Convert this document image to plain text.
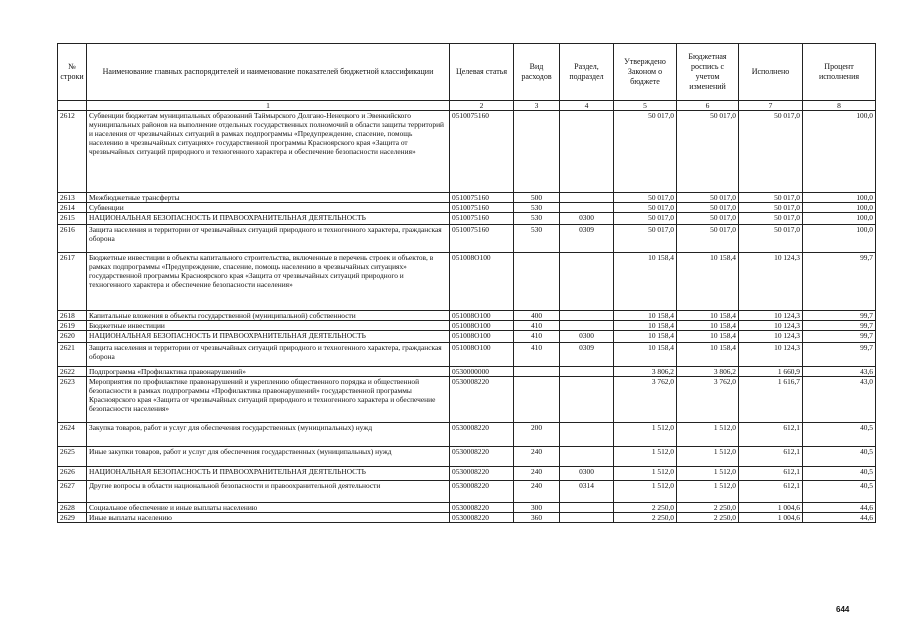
№
строки	Наименование главных распорядителей и наименование показателей бюджетной классификации	Целевая статья	Вид расходов	Раздел, подраздел	Утверждено Законом о бюджете	Бюджетная роспись с учетом изменений	Исполнено	Процент исполнения
	1	2	3	4	5	6	7	8
2612	Субвенции бюджетам муниципальных образований Таймырского Долгано-Ненецкого и Эвенкийского муниципальных районов на выполнение отдельных государственных полномочий в области защиты территорий и населения от чрезвычайных ситуаций в рамках подпрограммы «Предупреждение, спасение, помощь населению в чрезвычайных ситуациях» государственной программы Красноярского края «Защита от чрезвычайных ситуаций природного и техногенного характера и обеспечение безопасности населения»	0510075160			50 017,0	50 017,0	50 017,0	100,0
2613	Межбюджетные трансферты	0510075160	500		50 017,0	50 017,0	50 017,0	100,0
2614	Субвенции	0510075160	530		50 017,0	50 017,0	50 017,0	100,0
2615	НАЦИОНАЛЬНАЯ БЕЗОПАСНОСТЬ И ПРАВООХРАНИТЕЛЬНАЯ ДЕЯТЕЛЬНОСТЬ	0510075160	530	0300	50 017,0	50 017,0	50 017,0	100,0
2616	Защита населения и территории от чрезвычайных ситуаций природного и техногенного характера, гражданская оборона	0510075160	530	0309	50 017,0	50 017,0	50 017,0	100,0
2617	Бюджетные инвестиции в объекты капитального строительства, включенные в перечень строек и объектов, в рамках подпрограммы «Предупреждение, спасение, помощь населению в чрезвычайных ситуациях» государственной программы Красноярского края «Защита от чрезвычайных ситуаций природного и техногенного характера и обеспечение безопасности населения»	051008О100			10 158,4	10 158,4	10 124,3	99,7
2618	Капитальные вложения в объекты государственной (муниципальной) собственности	051008О100	400		10 158,4	10 158,4	10 124,3	99,7
2619	Бюджетные инвестиции	051008О100	410		10 158,4	10 158,4	10 124,3	99,7
2620	НАЦИОНАЛЬНАЯ БЕЗОПАСНОСТЬ И ПРАВООХРАНИТЕЛЬНАЯ ДЕЯТЕЛЬНОСТЬ	051008О100	410	0300	10 158,4	10 158,4	10 124,3	99,7
2621	Защита населения и территории от чрезвычайных ситуаций природного и техногенного характера, гражданская оборона	051008О100	410	0309	10 158,4	10 158,4	10 124,3	99,7
2622	Подпрограмма «Профилактика правонарушений»	0530000000			3 806,2	3 806,2	1 660,9	43,6
2623	Мероприятия по профилактике правонарушений и укреплению общественного порядка и общественной безопасности в рамках подпрограммы «Профилактика правонарушений» государственной программы Красноярского края «Защита от чрезвычайных ситуаций природного и техногенного характера и обеспечение безопасности населения»	0530008220			3 762,0	3 762,0	1 616,7	43,0
2624	Закупка товаров, работ и услуг для обеспечения государственных (муниципальных) нужд	0530008220	200		1 512,0	1 512,0	612,1	40,5
2625	Иные закупки товаров, работ и услуг для обеспечения государственных (муниципальных) нужд	0530008220	240		1 512,0	1 512,0	612,1	40,5
2626	НАЦИОНАЛЬНАЯ БЕЗОПАСНОСТЬ И ПРАВООХРАНИТЕЛЬНАЯ ДЕЯТЕЛЬНОСТЬ	0530008220	240	0300	1 512,0	1 512,0	612,1	40,5
2627	Другие вопросы в области национальной безопасности и правоохранительной деятельности	0530008220	240	0314	1 512,0	1 512,0	612,1	40,5
2628	Социальное обеспечение и иные выплаты населению	0530008220	300		2 250,0	2 250,0	1 004,6	44,6
2629	Иные выплаты населению	0530008220	360		2 250,0	2 250,0	1 004,6	44,6
644
